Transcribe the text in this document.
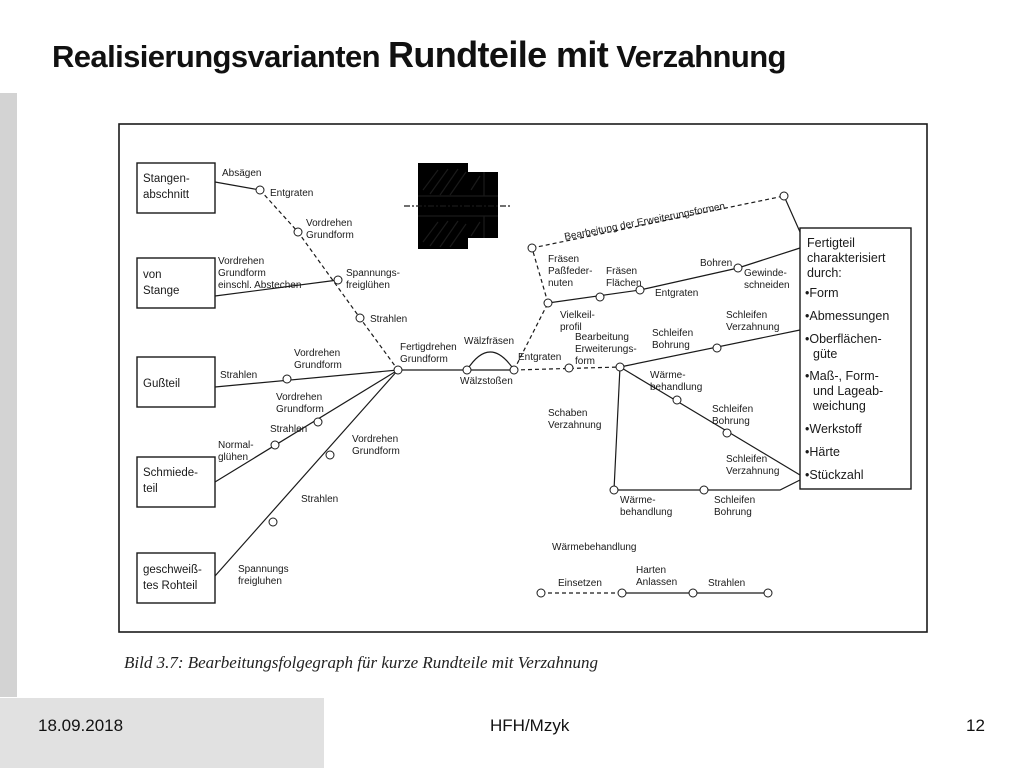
Realisierungsvarianten Rundteile mit Verzahnung
Stangen-
abschnitt
von
Stange
Gußteil
Schmiede-
teil
geschweiß-
tes Rohteil
Fertigteil
charakterisiert
durch:
•Form
•Abmessungen
•Oberflächen-
güte
•Maß-, Form-
und Lageab-
weichung
•Werkstoff
•Härte
•Stückzahl
Absägen
Entgraten
Vordrehen
Grundform
Vordrehen
Grundform
einschl. Abstechen
Spannungs-
freiglühen
Strahlen
Fertigdrehen
Grundform
Strahlen
Vordrehen
Grundform
Vordrehen
Grundform
Strahlen
Normal-
glühen
Vordrehen
Grundform
Strahlen
Spannungs
freigluhen
Wälzfräsen
Wälzstoßen
Entgraten
Bearbeitung
Erweiterungs-
form
Schleifen
Bohrung
Schleifen
Verzahnung
Bearbeitung der Erweiterungsformen
Fräsen
Paßfeder-
nuten
Fräsen
Flächen
Vielkeil-
profil
Entgraten
Bohren
Gewinde-
schneiden
Wärme-
behandlung
Schleifen
Bohrung
Schleifen
Verzahnung
Schaben
Verzahnung
Wärme-
behandlung
Schleifen
Bohrung
Wärmebehandlung
Einsetzen
Harten
Anlassen	Strahlen
Bild 3.7: Bearbeitungsfolgegraph für kurze Rundteile mit Verzahnung
18.09.2018	HFH/Mzyk	12
